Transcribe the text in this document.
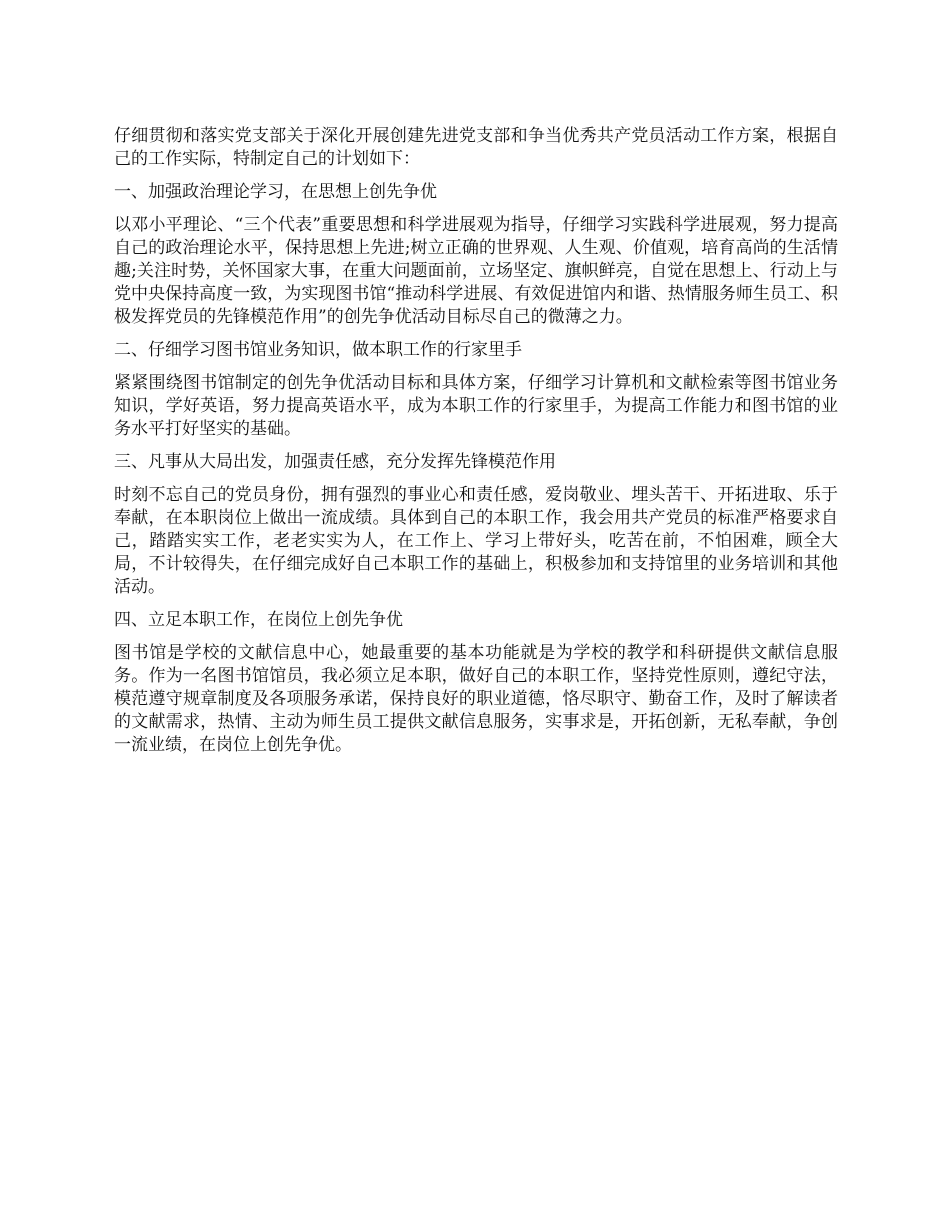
仔细贯彻和落实党支部关于深化开展创建先进党支部和争当优秀共产党员活动工作方案，根据自己的工作实际，特制定自己的计划如下：

一、加强政治理论学习，在思想上创先争优

以邓小平理论、“三个代表”重要思想和科学进展观为指导，仔细学习实践科学进展观，努力提高自己的政治理论水平，保持思想上先进;树立正确的世界观、人生观、价值观，培育高尚的生活情趣;关注时势，关怀国家大事，在重大问题面前，立场坚定、旗帜鲜亮，自觉在思想上、行动上与党中央保持高度一致，为实现图书馆“推动科学进展、有效促进馆内和谐、热情服务师生员工、积极发挥党员的先锋模范作用”的创先争优活动目标尽自己的微薄之力。

二、仔细学习图书馆业务知识，做本职工作的行家里手

紧紧围绕图书馆制定的创先争优活动目标和具体方案，仔细学习计算机和文献检索等图书馆业务知识，学好英语，努力提高英语水平，成为本职工作的行家里手，为提高工作能力和图书馆的业务水平打好坚实的基础。

三、凡事从大局出发，加强责任感，充分发挥先锋模范作用

时刻不忘自己的党员身份，拥有强烈的事业心和责任感，爱岗敬业、埋头苦干、开拓进取、乐于奉献，在本职岗位上做出一流成绩。具体到自己的本职工作，我会用共产党员的标准严格要求自己，踏踏实实工作，老老实实为人，在工作上、学习上带好头，吃苦在前，不怕困难，顾全大局，不计较得失，在仔细完成好自己本职工作的基础上，积极参加和支持馆里的业务培训和其他活动。

四、立足本职工作，在岗位上创先争优

图书馆是学校的文献信息中心，她最重要的基本功能就是为学校的教学和科研提供文献信息服务。作为一名图书馆馆员，我必须立足本职，做好自己的本职工作，坚持党性原则，遵纪守法，模范遵守规章制度及各项服务承诺，保持良好的职业道德，恪尽职守、勤奋工作，及时了解读者的文献需求，热情、主动为师生员工提供文献信息服务，实事求是，开拓创新，无私奉献，争创一流业绩，在岗位上创先争优。
